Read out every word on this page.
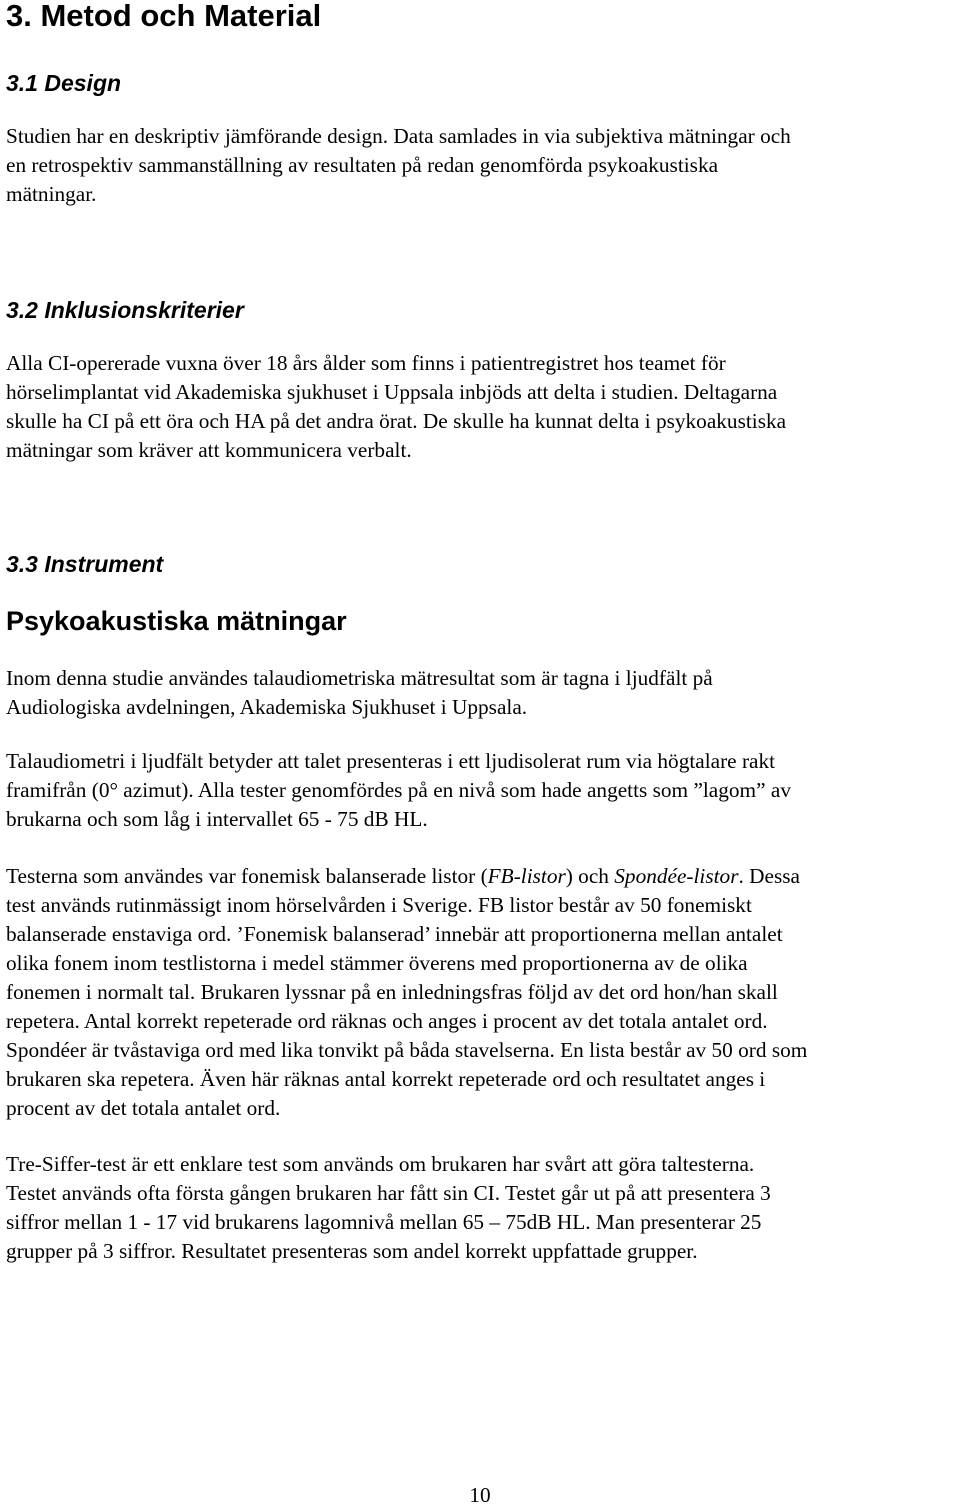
3. Metod och Material
3.1 Design

Studien har en deskriptiv jämförande design. Data samlades in via subjektiva mätningar och
en retrospektiv sammanställning av resultaten på redan genomförda psykoakustiska
mätningar.

3.2 Inklusionskriterier

Alla CI-opererade vuxna över 18 års ålder som finns i patientregistret hos teamet för
hörselimplantat vid Akademiska sjukhuset i Uppsala inbjöds att delta i studien. Deltagarna
skulle ha CI på ett öra och HA på det andra örat. De skulle ha kunnat delta i psykoakustiska
mätningar som kräver att kommunicera verbalt.

3.3 Instrument
Psykoakustiska mätningar

Inom denna studie användes talaudiometriska mätresultat som är tagna i ljudfält på
Audiologiska avdelningen, Akademiska Sjukhuset i Uppsala.

Talaudiometri i ljudfält betyder att talet presenteras i ett ljudisolerat rum via högtalare rakt
framifrån (0° azimut). Alla tester genomfördes på en nivå som hade angetts som ”lagom” av
brukarna och som låg i intervallet 65 - 75 dB HL.

Testerna som användes var fonemisk balanserade listor (FB-listor) och Spondée-listor. Dessa
test används rutinmässigt inom hörselvården i Sverige. FB listor består av 50 fonemiskt
balanserade enstaviga ord. ’Fonemisk balanserad’ innebär att proportionerna mellan antalet
olika fonem inom testlistorna i medel stämmer överens med proportionerna av de olika
fonemen i normalt tal. Brukaren lyssnar på en inledningsfras följd av det ord hon/han skall
repetera. Antal korrekt repeterade ord räknas och anges i procent av det totala antalet ord.
Spondéer är tvåstaviga ord med lika tonvikt på båda stavelserna. En lista består av 50 ord som
brukaren ska repetera. Även här räknas antal korrekt repeterade ord och resultatet anges i
procent av det totala antalet ord.

Tre-Siffer-test är ett enklare test som används om brukaren har svårt att göra taltesterna.
Testet används ofta första gången brukaren har fått sin CI. Testet går ut på att presentera 3
siffror mellan 1 - 17 vid brukarens lagomnivå mellan 65 – 75dB HL. Man presenterar 25
grupper på 3 siffror. Resultatet presenteras som andel korrekt uppfattade grupper.

10
